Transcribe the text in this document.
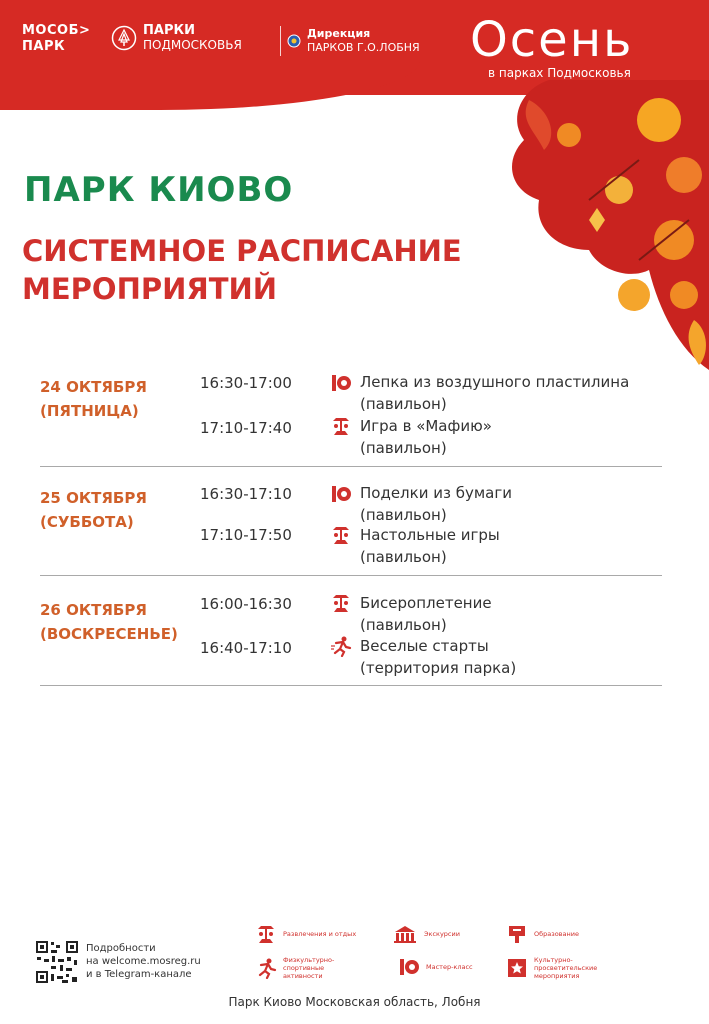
МОСОБ>
ПАРК
ПАРКИ
ПОДМОСКОВЬЯ
Дирекция
ПАРКОВ Г.О.ЛОБНЯ Осень
в парках Подмосковья
ПАРК КИОВО
СИСТЕМНОЕ РАСПИСАНИЕ МЕРОПРИЯТИЙ
24 ОКТЯБРЯ
(ПЯТНИЦА)
16:30-17:00	Лепка из воздушного пластилина
(павильон)
17:10-17:40	Игра в «Мафию»
(павильон)
25 ОКТЯБРЯ
(СУББОТА)
16:30-17:10	Поделки из бумаги
(павильон)
17:10-17:50	Настольные игры
(павильон)
26 ОКТЯБРЯ
(ВОСКРЕСЕНЬЕ)
16:00-16:30	Бисероплетение
(павильон)
16:40-17:10	Веселые старты
(территория парка)
Подробности
на welcome.mosreg.ru
и в Telegram-канале
Развлечения и отдых
Физкультурно-спортивные активности
Экскурсии
Мастер-класс
Образование
Культурно-просветительские мероприятия
Парк Киово Московская область, Лобня
